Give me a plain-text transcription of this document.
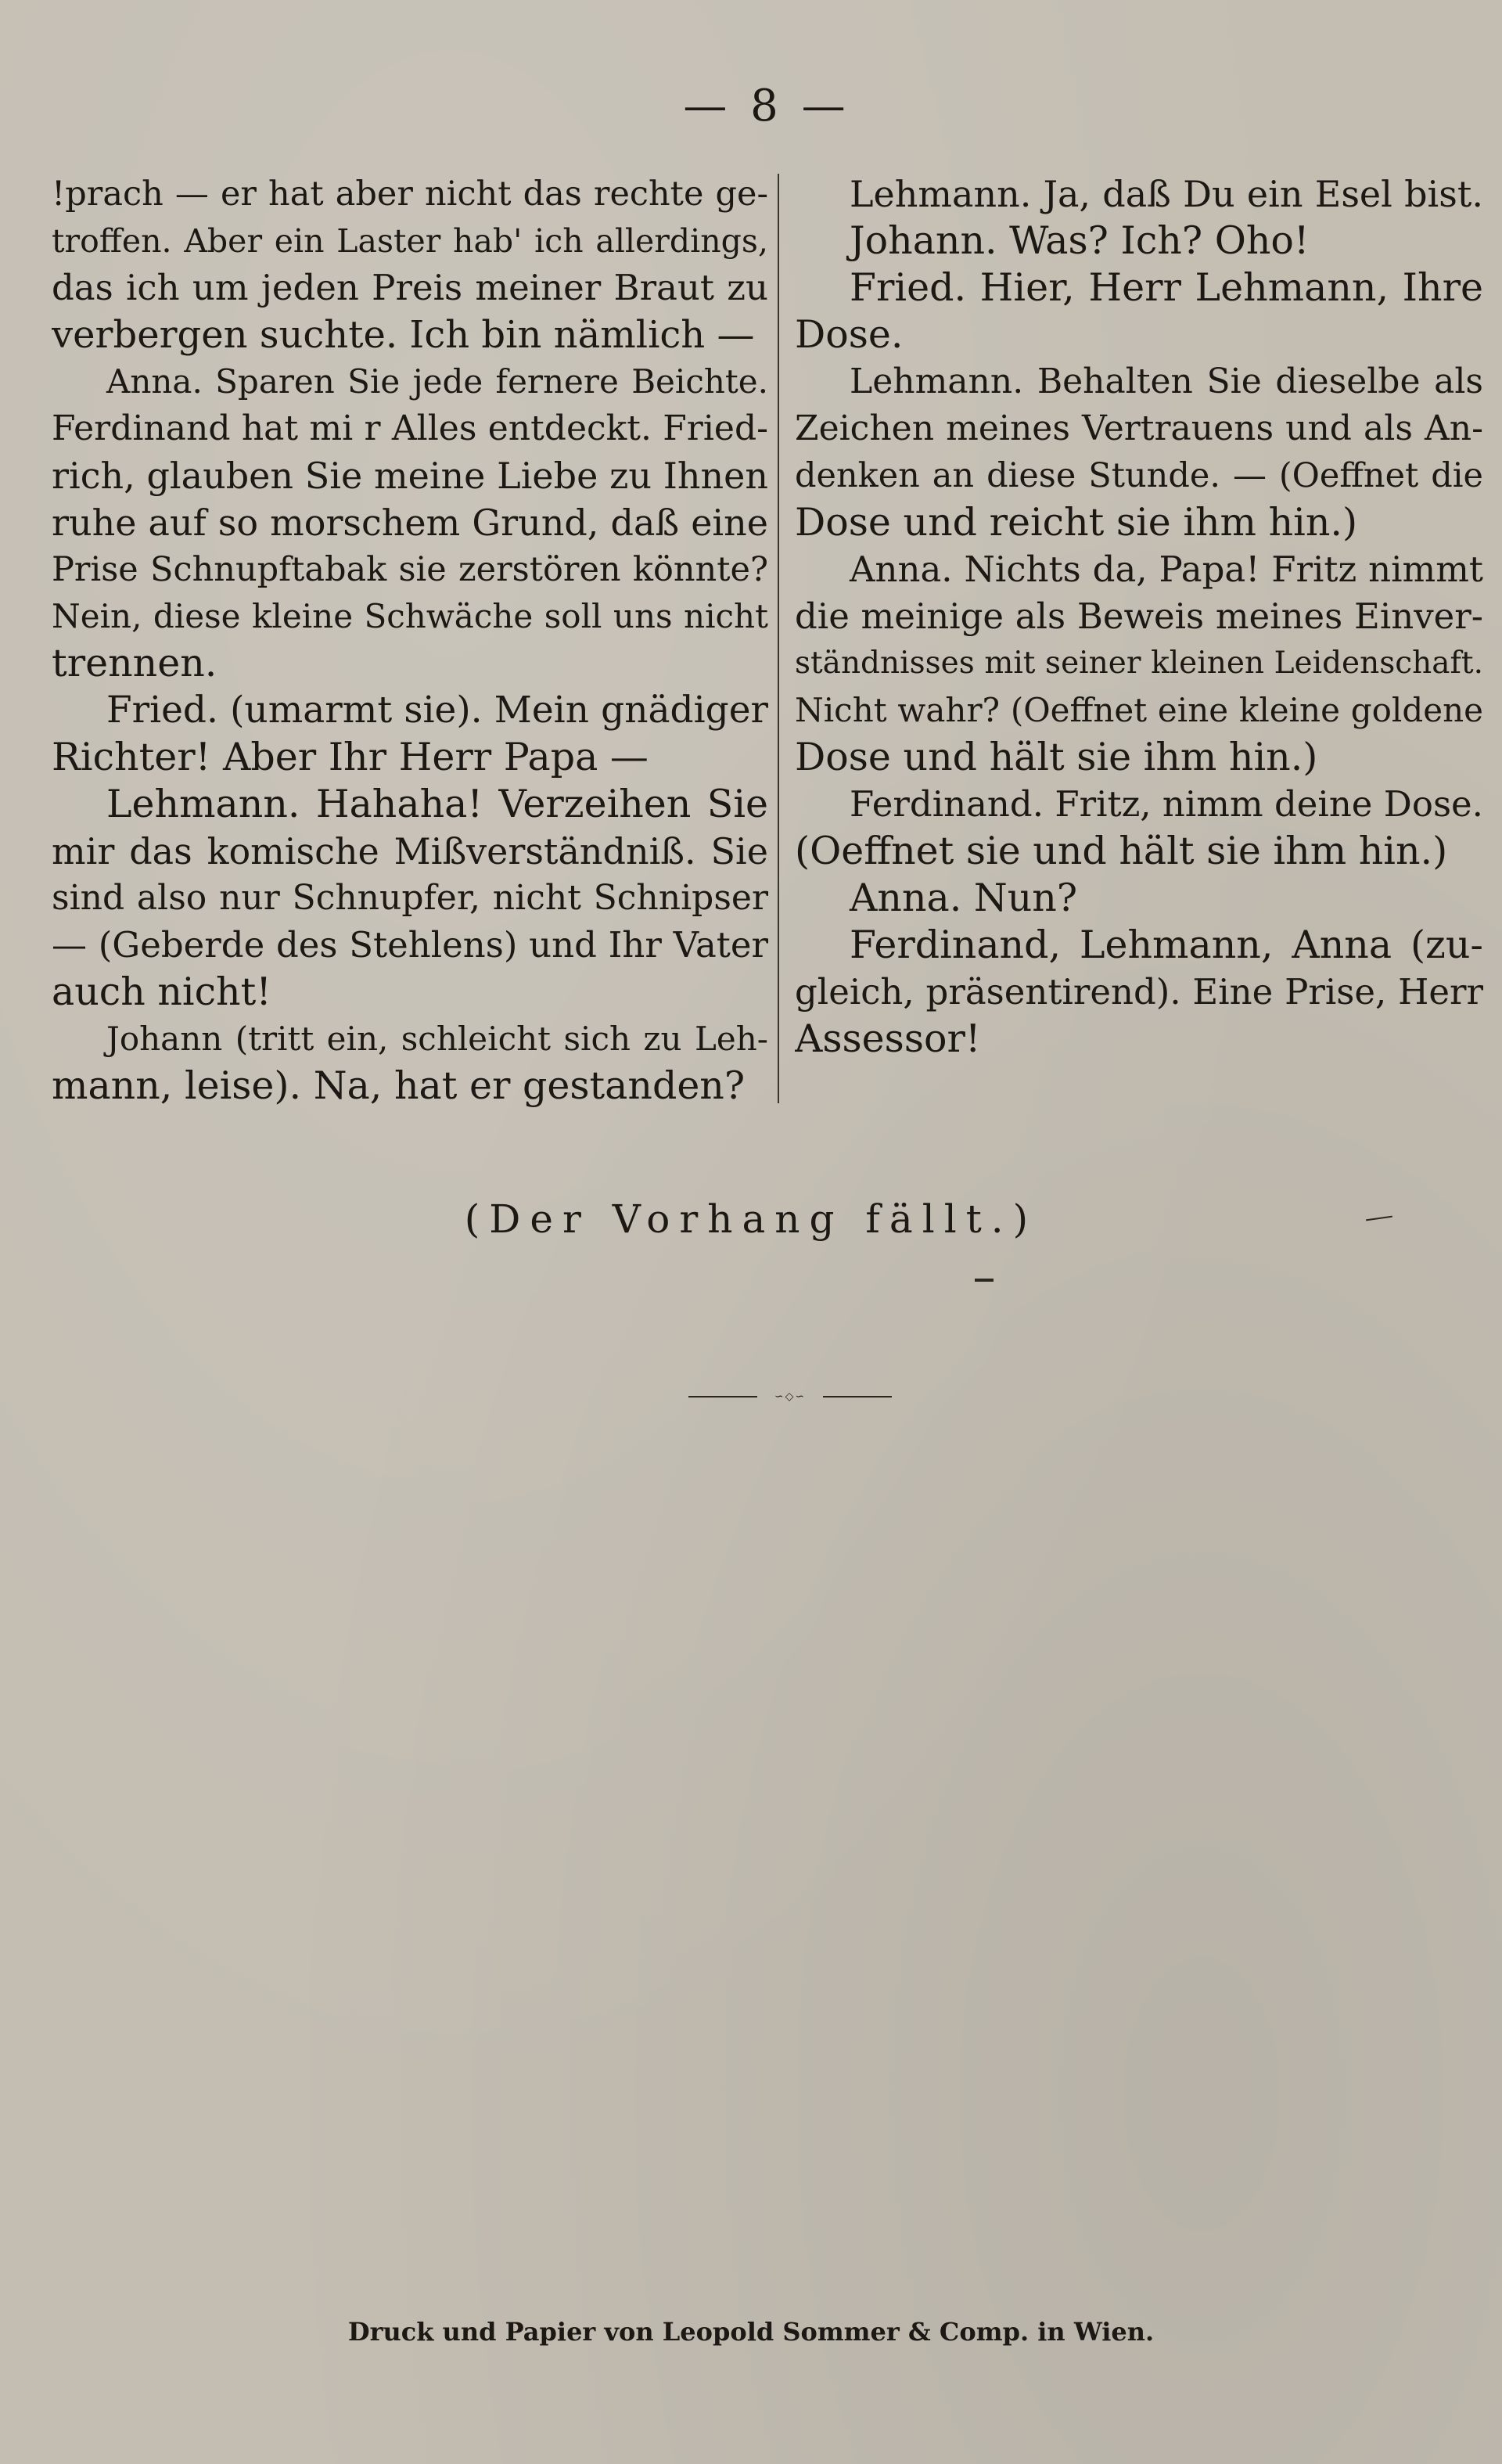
— 8 —
!prach — er hat aber nicht das rechte ge-
troffen. Aber ein Laster hab' ich allerdings,
das ich um jeden Preis meiner Braut zu
verbergen suchte. Ich bin nämlich —
Anna. Sparen Sie jede fernere Beichte.
Ferdinand hat mi r Alles entdeckt. Fried-
rich, glauben Sie meine Liebe zu Ihnen
ruhe auf so morschem Grund, daß eine
Prise Schnupftabak sie zerstören könnte?
Nein, diese kleine Schwäche soll uns nicht
trennen.
Fried. (umarmt sie). Mein gnädiger
Richter! Aber Ihr Herr Papa —
Lehmann. Hahaha! Verzeihen Sie
mir das komische Mißverständniß. Sie
sind also nur Schnupfer, nicht Schnipser
— (Geberde des Stehlens) und Ihr Vater
auch nicht!
Johann (tritt ein, schleicht sich zu Leh-
mann, leise). Na, hat er gestanden?
Lehmann. Ja, daß Du ein Esel bist.
Johann. Was? Ich? Oho!
Fried. Hier, Herr Lehmann, Ihre
Dose.
Lehmann. Behalten Sie dieselbe als
Zeichen meines Vertrauens und als An-
denken an diese Stunde. — (Oeffnet die
Dose und reicht sie ihm hin.)
Anna. Nichts da, Papa! Fritz nimmt
die meinige als Beweis meines Einver-
ständnisses mit seiner kleinen Leidenschaft.
Nicht wahr? (Oeffnet eine kleine goldene
Dose und hält sie ihm hin.)
Ferdinand. Fritz, nimm deine Dose.
(Oeffnet sie und hält sie ihm hin.)
Anna. Nun?
Ferdinand, Lehmann, Anna (zu-
gleich, präsentirend). Eine Prise, Herr
Assessor!
(Der Vorhang fällt.)
∽◇∽
Druck und Papier von Leopold Sommer & Comp. in Wien.
